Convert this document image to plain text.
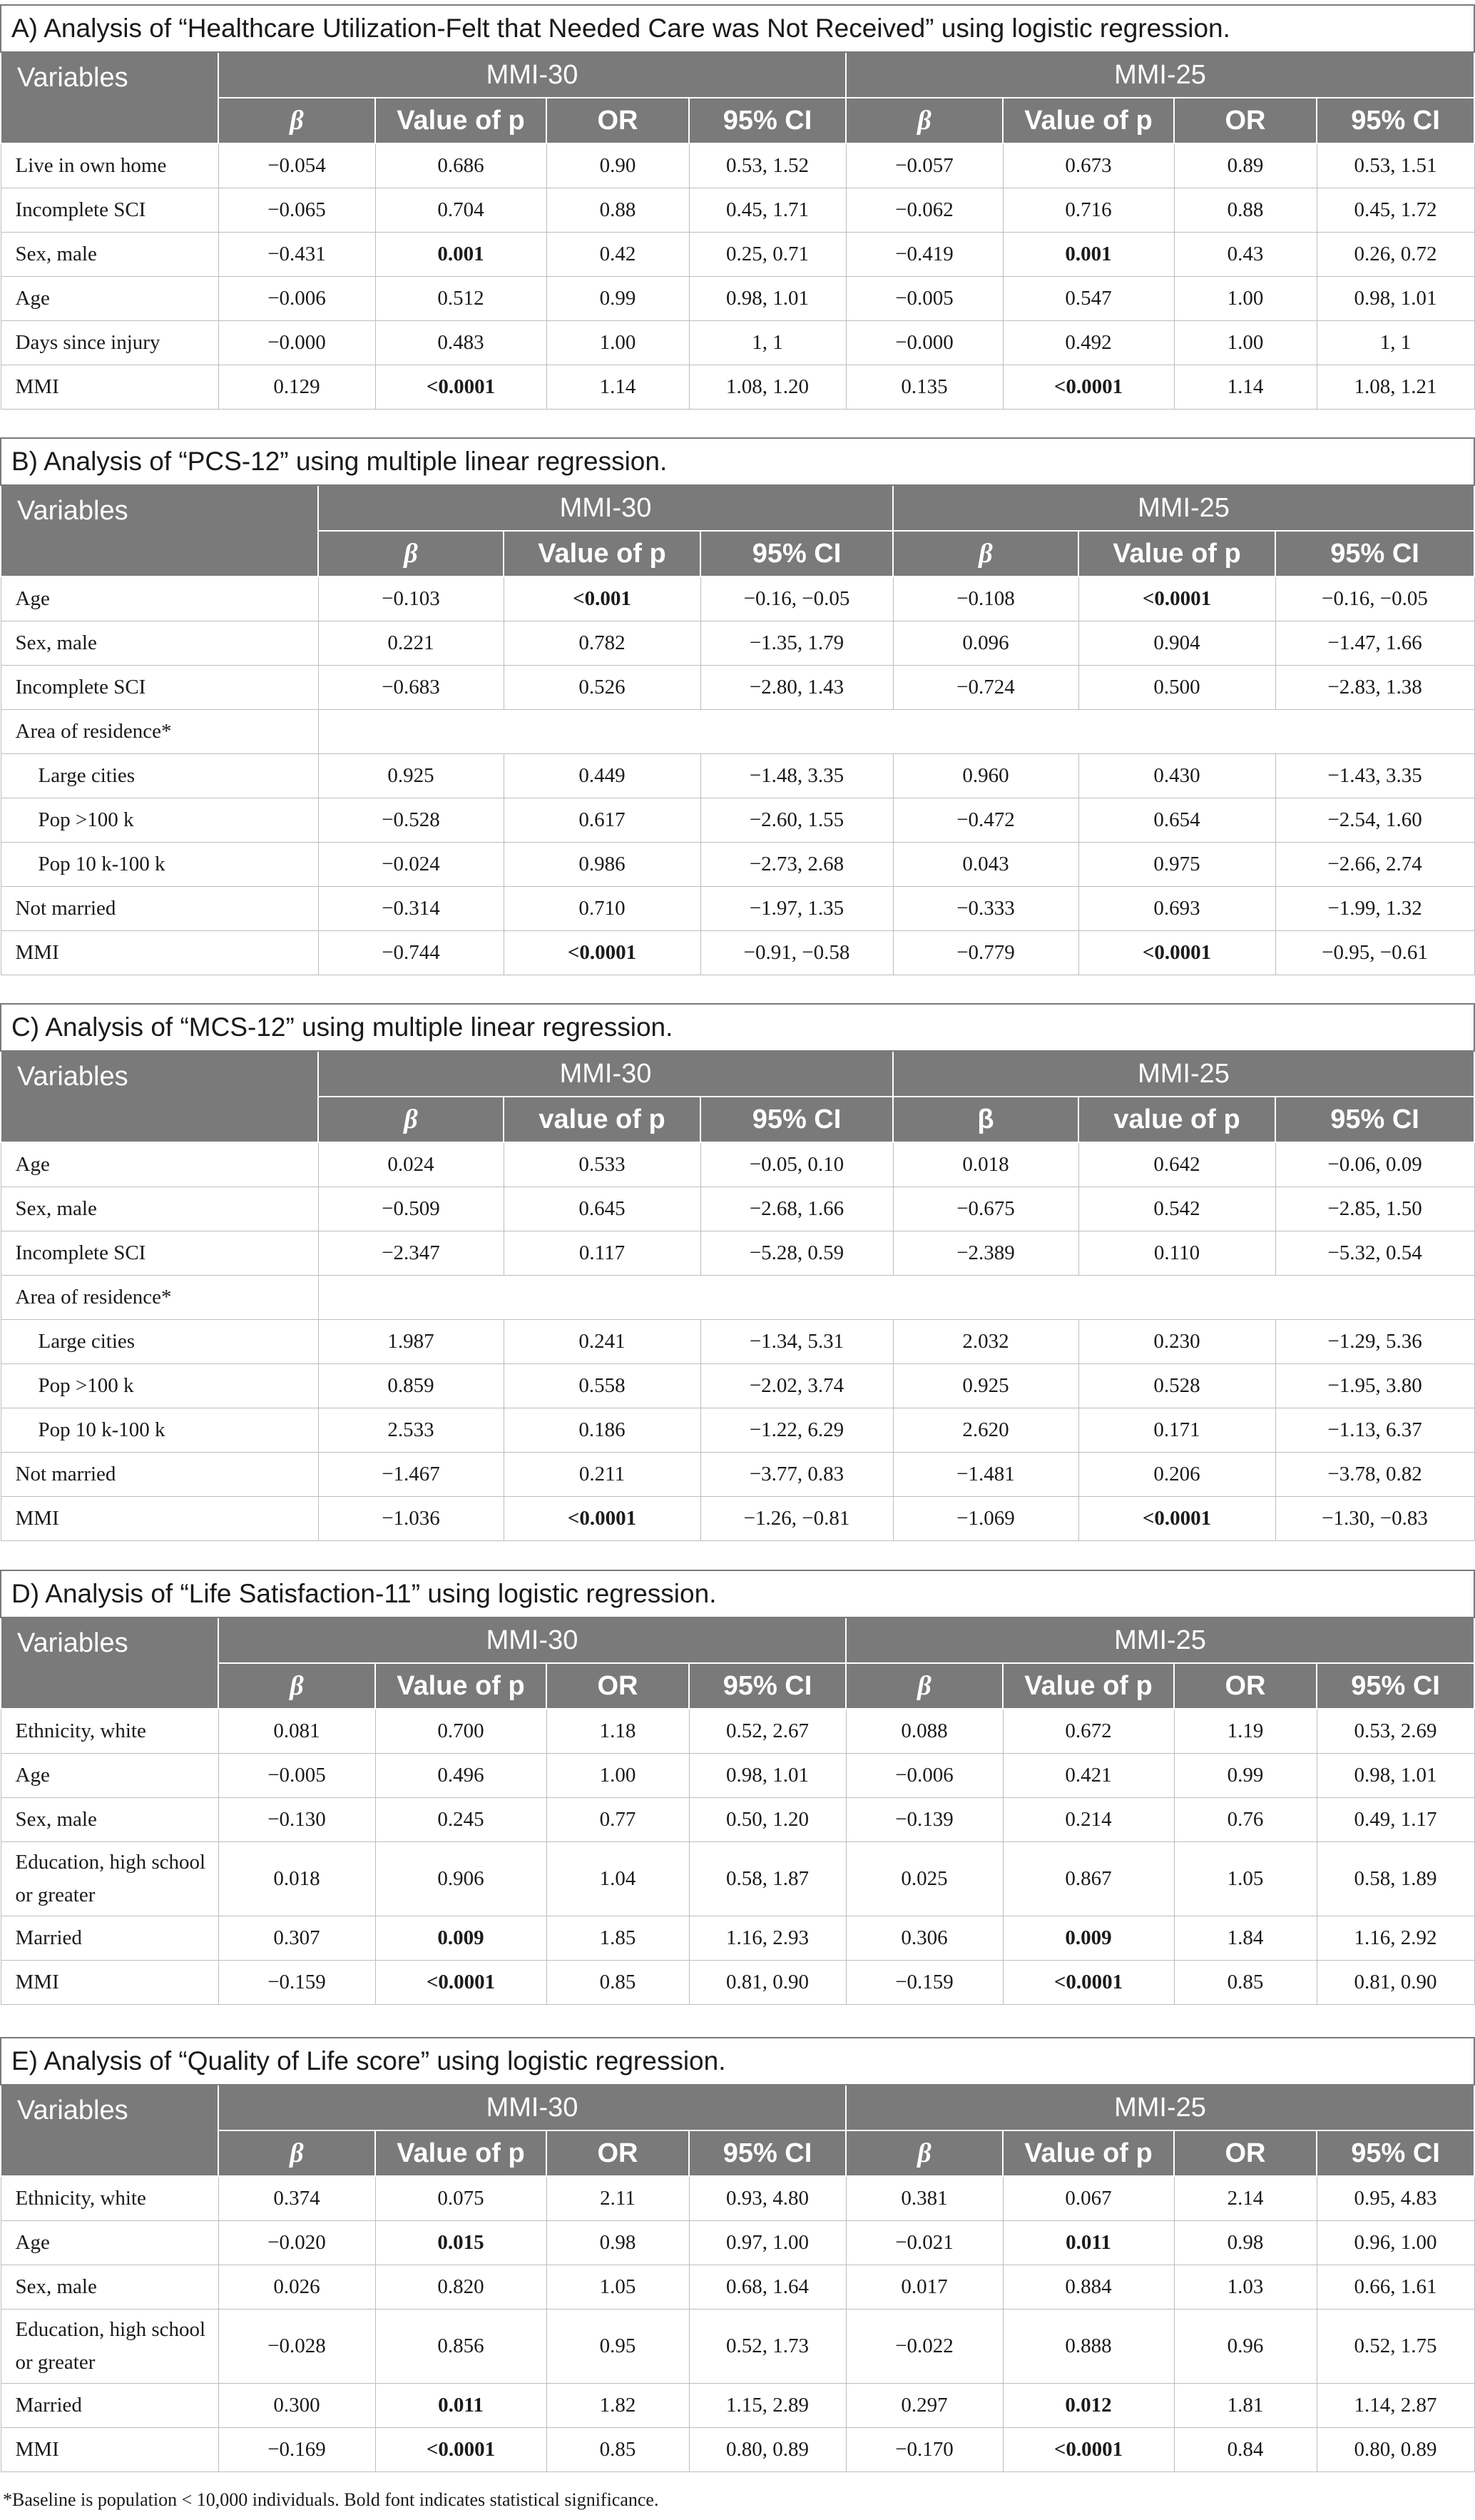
A) Analysis of “Healthcare Utilization-Felt that Needed Care was Not Received” using logistic regression.								
Variables	MMI-30				MMI-25			
	β	Value of p	OR	95% CI	β	Value of p	OR	95% CI
Live in own home	−0.054	0.686	0.90	0.53, 1.52	−0.057	0.673	0.89	0.53, 1.51
Incomplete SCI	−0.065	0.704	0.88	0.45, 1.71	−0.062	0.716	0.88	0.45, 1.72
Sex, male	−0.431	0.001	0.42	0.25, 0.71	−0.419	0.001	0.43	0.26, 0.72
Age	−0.006	0.512	0.99	0.98, 1.01	−0.005	0.547	1.00	0.98, 1.01
Days since injury	−0.000	0.483	1.00	1, 1	−0.000	0.492	1.00	1, 1
MMI	0.129	<0.0001	1.14	1.08, 1.20	0.135	<0.0001	1.14	1.08, 1.21
B) Analysis of “PCS-12” using multiple linear regression.						
Variables	MMI-30			MMI-25		
	β	Value of p	95% CI	β	Value of p	95% CI
Age	−0.103	<0.001	−0.16, −0.05	−0.108	<0.0001	−0.16, −0.05
Sex, male	0.221	0.782	−1.35, 1.79	0.096	0.904	−1.47, 1.66
Incomplete SCI	−0.683	0.526	−2.80, 1.43	−0.724	0.500	−2.83, 1.38
Area of residence*						
Large cities	0.925	0.449	−1.48, 3.35	0.960	0.430	−1.43, 3.35
Pop >100 k	−0.528	0.617	−2.60, 1.55	−0.472	0.654	−2.54, 1.60
Pop 10 k-100 k	−0.024	0.986	−2.73, 2.68	0.043	0.975	−2.66, 2.74
Not married	−0.314	0.710	−1.97, 1.35	−0.333	0.693	−1.99, 1.32
MMI	−0.744	<0.0001	−0.91, −0.58	−0.779	<0.0001	−0.95, −0.61
C) Analysis of “MCS-12” using multiple linear regression.						
Variables	MMI-30			MMI-25		
	β	value of p	95% CI	β	value of p	95% CI
Age	0.024	0.533	−0.05, 0.10	0.018	0.642	−0.06, 0.09
Sex, male	−0.509	0.645	−2.68, 1.66	−0.675	0.542	−2.85, 1.50
Incomplete SCI	−2.347	0.117	−5.28, 0.59	−2.389	0.110	−5.32, 0.54
Area of residence*						
Large cities	1.987	0.241	−1.34, 5.31	2.032	0.230	−1.29, 5.36
Pop >100 k	0.859	0.558	−2.02, 3.74	0.925	0.528	−1.95, 3.80
Pop 10 k-100 k	2.533	0.186	−1.22, 6.29	2.620	0.171	−1.13, 6.37
Not married	−1.467	0.211	−3.77, 0.83	−1.481	0.206	−3.78, 0.82
MMI	−1.036	<0.0001	−1.26, −0.81	−1.069	<0.0001	−1.30, −0.83
D) Analysis of “Life Satisfaction-11” using logistic regression.								
Variables	MMI-30				MMI-25			
	β	Value of p	OR	95% CI	β	Value of p	OR	95% CI
Ethnicity, white	0.081	0.700	1.18	0.52, 2.67	0.088	0.672	1.19	0.53, 2.69
Age	−0.005	0.496	1.00	0.98, 1.01	−0.006	0.421	0.99	0.98, 1.01
Sex, male	−0.130	0.245	0.77	0.50, 1.20	−0.139	0.214	0.76	0.49, 1.17
Education, high school or greater	0.018	0.906	1.04	0.58, 1.87	0.025	0.867	1.05	0.58, 1.89
Married	0.307	0.009	1.85	1.16, 2.93	0.306	0.009	1.84	1.16, 2.92
MMI	−0.159	<0.0001	0.85	0.81, 0.90	−0.159	<0.0001	0.85	0.81, 0.90
E) Analysis of “Quality of Life score” using logistic regression.								
Variables	MMI-30				MMI-25			
	β	Value of p	OR	95% CI	β	Value of p	OR	95% CI
Ethnicity, white	0.374	0.075	2.11	0.93, 4.80	0.381	0.067	2.14	0.95, 4.83
Age	−0.020	0.015	0.98	0.97, 1.00	−0.021	0.011	0.98	0.96, 1.00
Sex, male	0.026	0.820	1.05	0.68, 1.64	0.017	0.884	1.03	0.66, 1.61
Education, high school or greater	−0.028	0.856	0.95	0.52, 1.73	−0.022	0.888	0.96	0.52, 1.75
Married	0.300	0.011	1.82	1.15, 2.89	0.297	0.012	1.81	1.14, 2.87
MMI	−0.169	<0.0001	0.85	0.80, 0.89	−0.170	<0.0001	0.84	0.80, 0.89
*Baseline is population < 10,000 individuals. Bold font indicates statistical significance.
